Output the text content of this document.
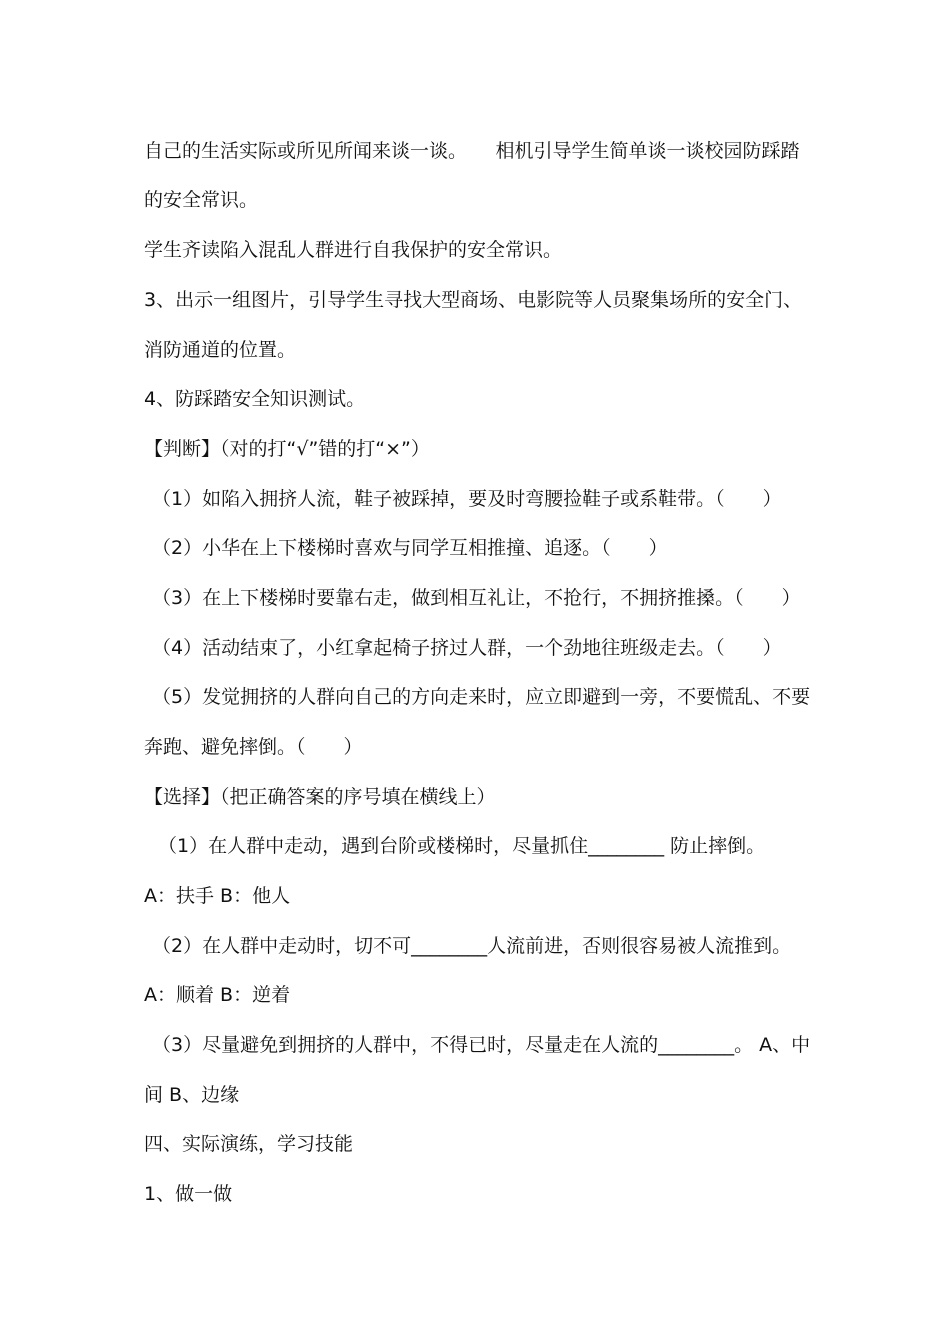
自己的生活实际或所见所闻来谈一谈。　　相机引导学生简单谈一谈校园防踩踏
的安全常识。
学生齐读陷入混乱人群进行自我保护的安全常识。
3、出示一组图片，引导学生寻找大型商场、电影院等人员聚集场所的安全门、
消防通道的位置。
4、防踩踏安全知识测试。
【判断】（对的打“√”错的打“×”）
（1）如陷入拥挤人流，鞋子被踩掉，要及时弯腰捡鞋子或系鞋带。（　　）
（2）小华在上下楼梯时喜欢与同学互相推撞、追逐。（　　）
（3）在上下楼梯时要靠右走，做到相互礼让，不抢行，不拥挤推搡。（　　）
（4）活动结束了，小红拿起椅子挤过人群，一个劲地往班级走去。（　　）
（5）发觉拥挤的人群向自己的方向走来时，应立即避到一旁，不要慌乱、不要
奔跑、避免摔倒。（　　）
【选择】（把正确答案的序号填在横线上）
（1）在人群中走动，遇到台阶或楼梯时，尽量抓住________ 防止摔倒。
A：扶手 B：他人
（2）在人群中走动时，切不可________人流前进，否则很容易被人流推到。
A：顺着 B：逆着
（3）尽量避免到拥挤的人群中，不得已时，尽量走在人流的________。 A、中
间 B、边缘
四、实际演练，学习技能
1、做一做
